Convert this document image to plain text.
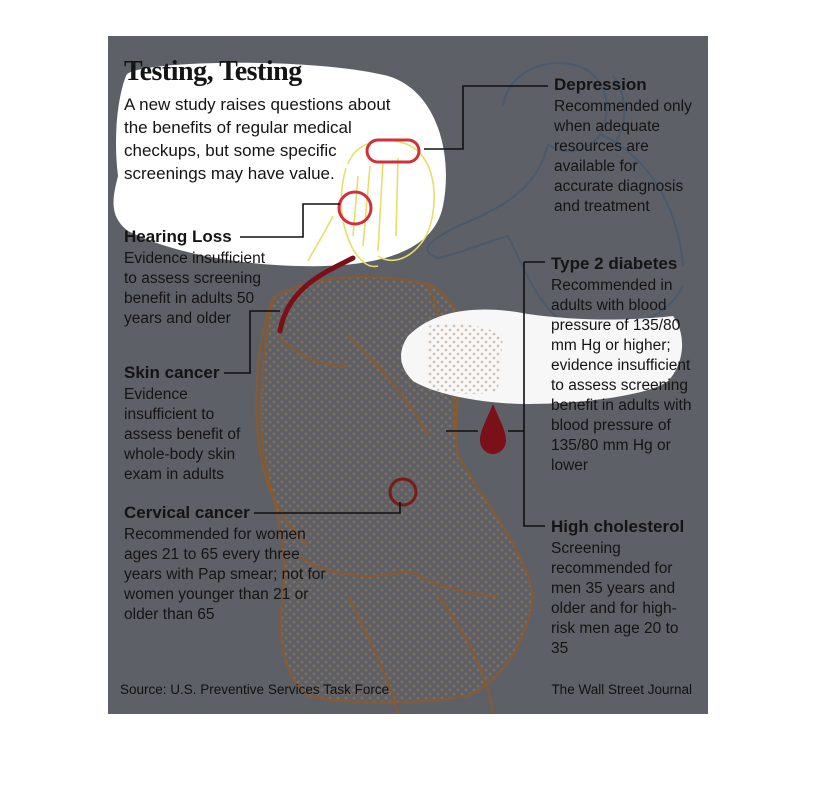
Testing, Testing
A new study raises questions about the benefits of regular medical checkups, but some specific screenings may have value.
Depression
Recommended only when adequate resources are available for accurate diagnosis and treatment
Hearing Loss
Evidence insufficient to assess screening benefit in adults 50 years and older
Type 2 diabetes
Recommended in adults with blood pressure of 135/80 mm Hg or higher; evidence insufficient to assess screening benefit in adults with blood pressure of 135/80 mm Hg or lower
Skin cancer
Evidence insufficient to assess benefit of whole-body skin exam in adults
Cervical cancer
Recommended for women ages 21 to 65 every three years with Pap smear; not for women younger than 21 or older than 65
High cholesterol
Screening recommended for men 35 years and older and for high-risk men age 20 to 35
Source: U.S. Preventive Services Task Force	The Wall Street Journal
